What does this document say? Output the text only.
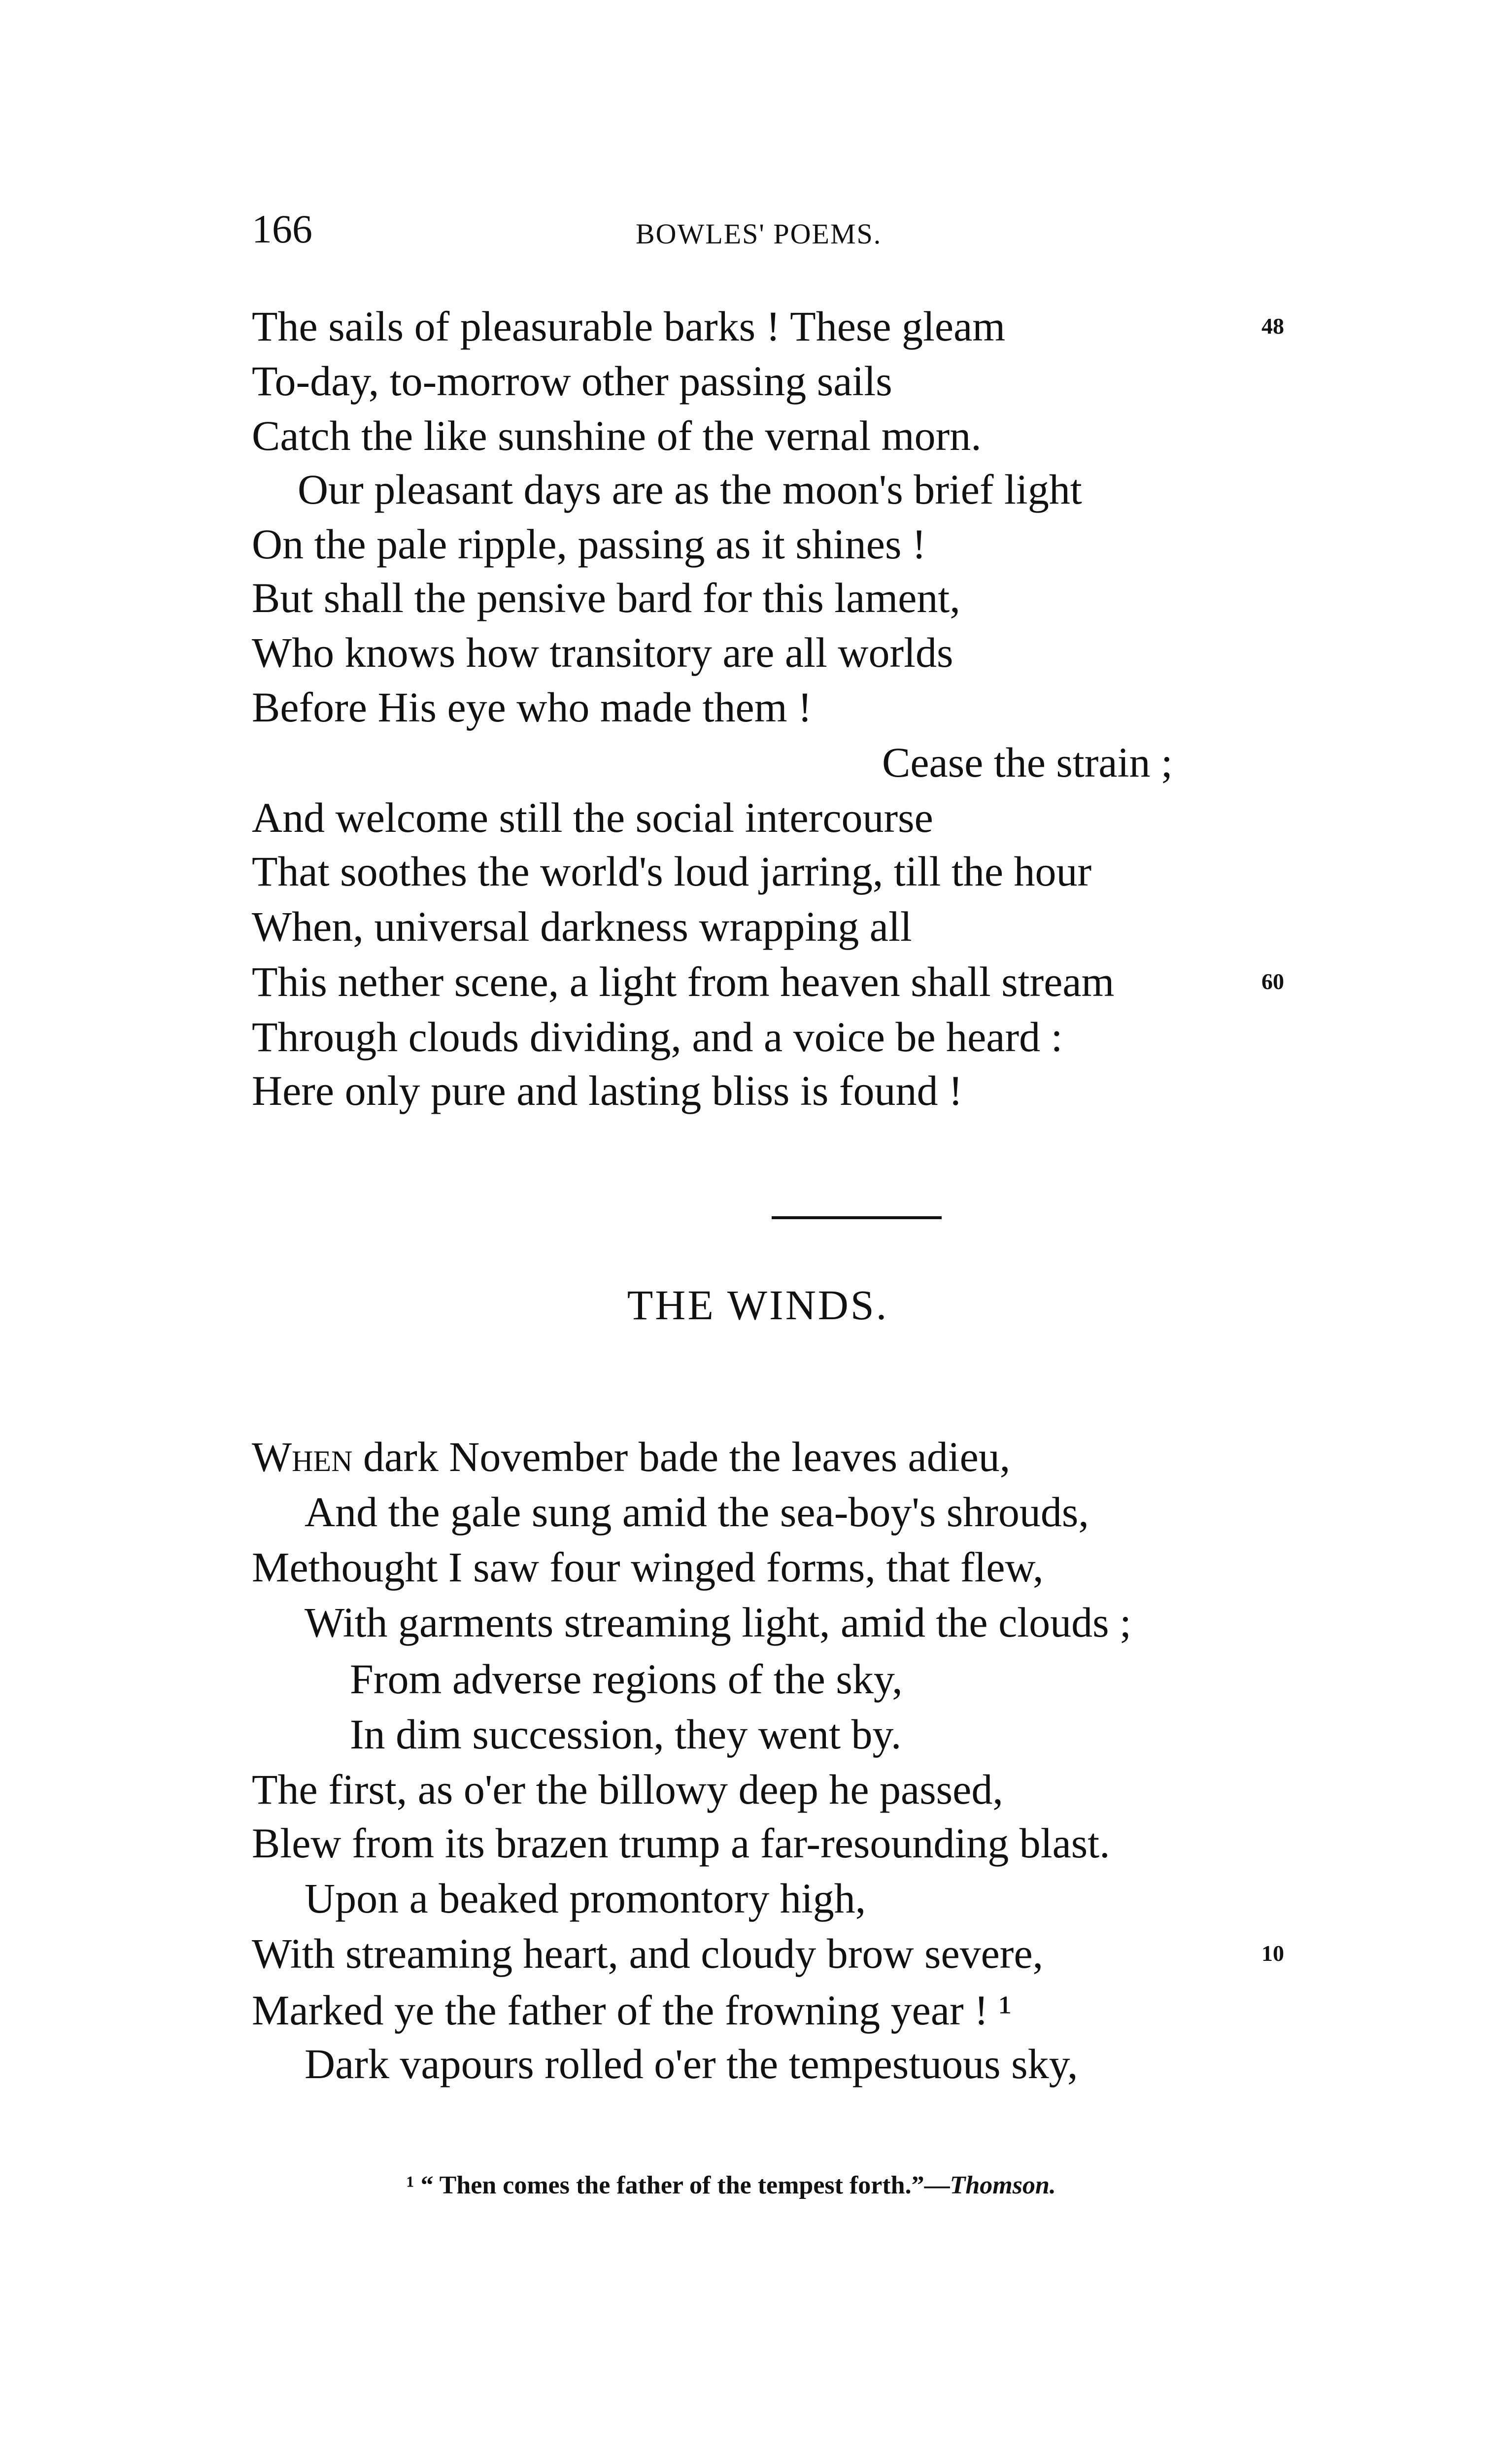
166	BOWLES' POEMS.
The sails of pleasurable barks ! These gleam
To-day, to-morrow other passing sails
Catch the like sunshine of the vernal morn.
Our pleasant days are as the moon's brief light
On the pale ripple, passing as it shines !
But shall the pensive bard for this lament,
Who knows how transitory are all worlds
Before His eye who made them !
Cease the strain ;
And welcome still the social intercourse
That soothes the world's loud jarring, till the hour
When, universal darkness wrapping all
This nether scene, a light from heaven shall stream
Through clouds dividing, and a voice be heard :
Here only pure and lasting bliss is found !
48
60
THE WINDS.
When dark November bade the leaves adieu,
And the gale sung amid the sea-boy's shrouds,
Methought I saw four winged forms, that flew,
With garments streaming light, amid the clouds ;
From adverse regions of the sky,
In dim succession, they went by.
The first, as o'er the billowy deep he passed,
Blew from its brazen trump a far-resounding blast.
Upon a beaked promontory high,
With streaming heart, and cloudy brow severe,
Marked ye the father of the frowning year ! ¹
Dark vapours rolled o'er the tempestuous sky,
10
¹ “ Then comes the father of the tempest forth.”—Thomson.
